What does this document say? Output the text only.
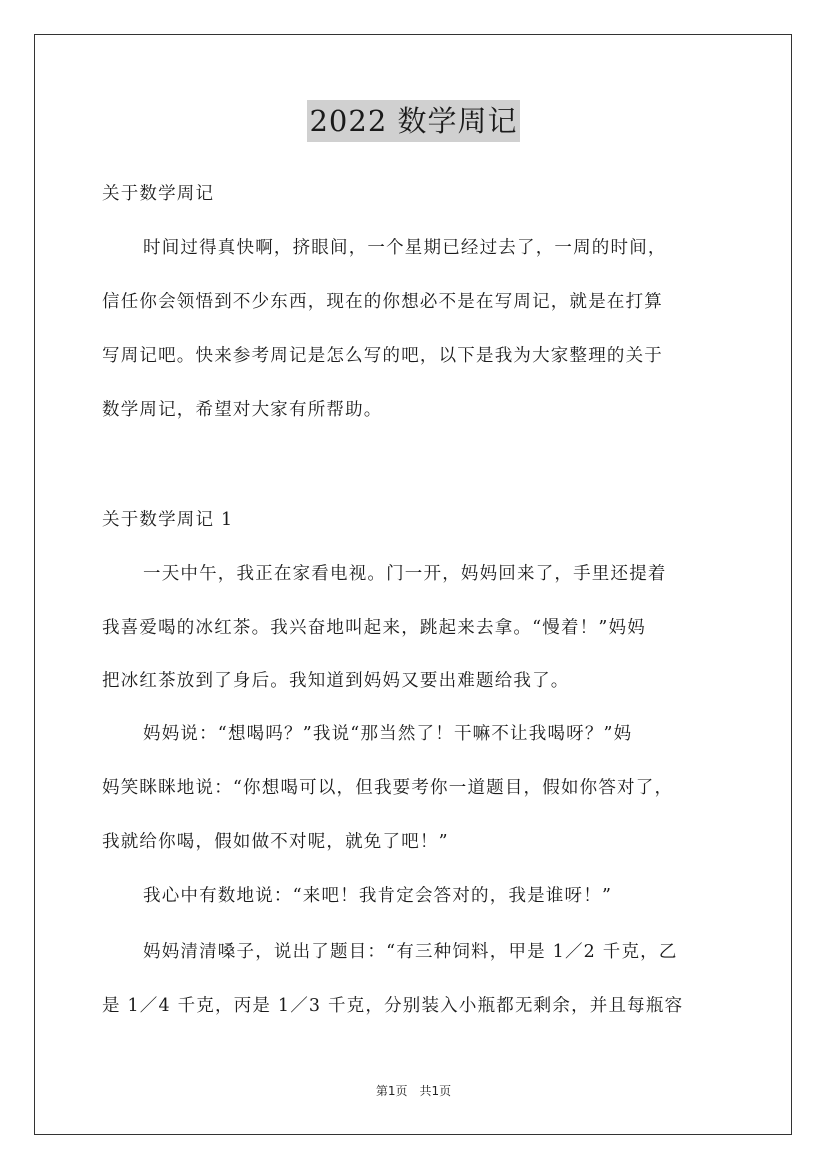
2022 数学周记
关于数学周记
时间过得真快啊，挤眼间，一个星期已经过去了，一周的时间，
信任你会领悟到不少东西，现在的你想必不是在写周记，就是在打算
写周记吧。快来参考周记是怎么写的吧，以下是我为大家整理的关于
数学周记，希望对大家有所帮助。
关于数学周记 1
一天中午，我正在家看电视。门一开，妈妈回来了，手里还提着
我喜爱喝的冰红茶。我兴奋地叫起来，跳起来去拿。“慢着！”妈妈
把冰红茶放到了身后。我知道到妈妈又要出难题给我了。
妈妈说：“想喝吗？”我说“那当然了！干嘛不让我喝呀？”妈
妈笑眯眯地说：“你想喝可以，但我要考你一道题目，假如你答对了，
我就给你喝，假如做不对呢，就免了吧！”
我心中有数地说：“来吧！我肯定会答对的，我是谁呀！”
妈妈清清嗓子，说出了题目：“有三种饲料，甲是 1／2 千克，乙
是 1／4 千克，丙是 1／3 千克，分别装入小瓶都无剩余，并且每瓶容
第1页　共1页
